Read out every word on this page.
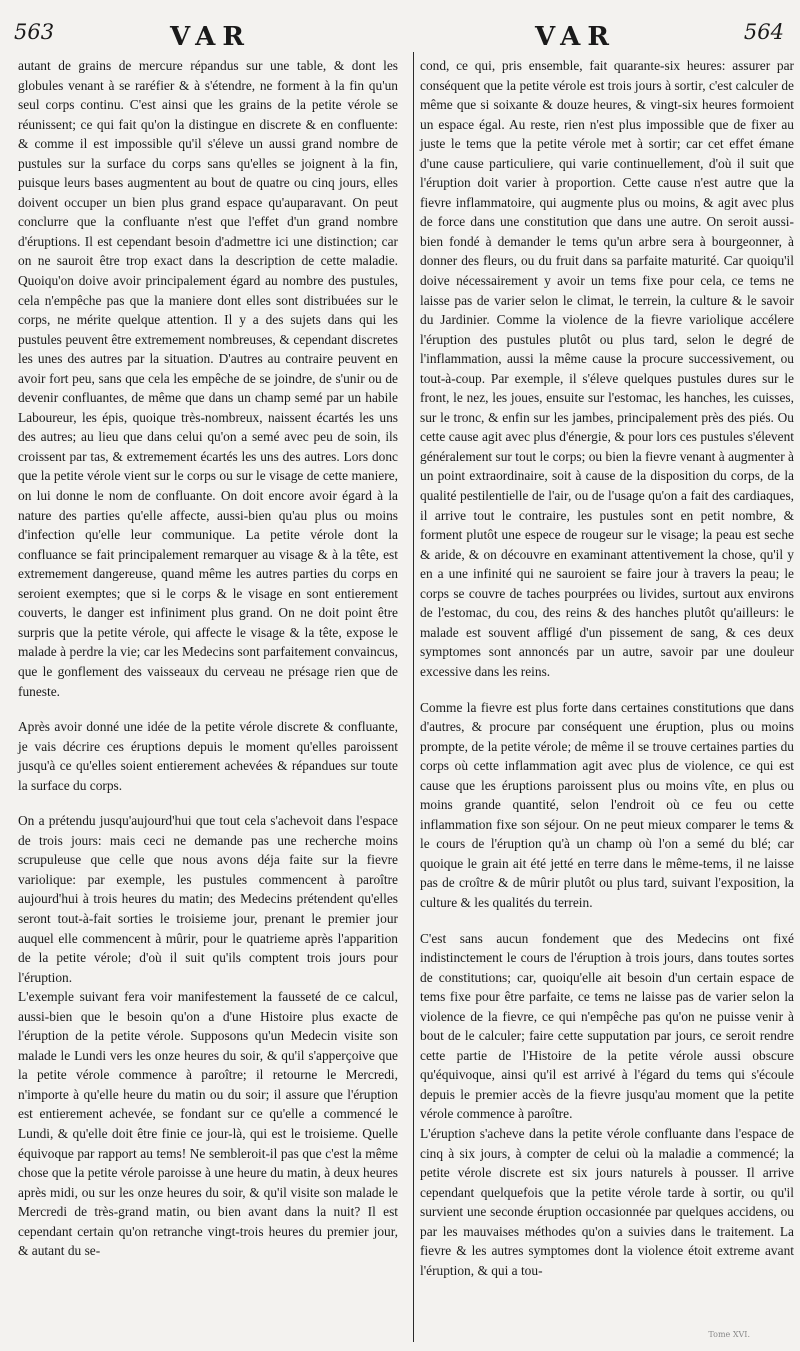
563	VAR	VAR	564

autant de grains de mercure répandus sur une table, & dont les globules venant à se raréfier & à s'étendre, ne forment à la fin qu'un seul corps continu. C'est ainsi que les grains de la petite vérole se réunissent; ce qui fait qu'on la distingue en discrete & en confluente: & comme il est impossible qu'il s'éleve un aussi grand nombre de pustules sur la surface du corps sans qu'elles se joignent à la fin, puisque leurs bases augmentent au bout de quatre ou cinq jours, elles doivent occuper un bien plus grand espace qu'auparavant. On peut conclurre que la confluante n'est que l'effet d'un grand nombre d'éruptions. Il est cependant besoin d'admettre ici une distinction; car on ne sauroit être trop exact dans la description de cette maladie. Quoiqu'on doive avoir principalement égard au nombre des pustules, cela n'empêche pas que la maniere dont elles sont distribuées sur le corps, ne mérite quelque attention. Il y a des sujets dans qui les pustules peuvent être extremement nombreuses, & cependant discretes les unes des autres par la situation. D'autres au contraire peuvent en avoir fort peu, sans que cela les empêche de se joindre, de s'unir ou de devenir confluantes, de même que dans un champ semé par un habile Laboureur, les épis, quoique très-nombreux, naissent écartés les uns des autres; au lieu que dans celui qu'on a semé avec peu de soin, ils croissent par tas, & extremement écartés les uns des autres. Lors donc que la petite vérole vient sur le corps ou sur le visage de cette maniere, on lui donne le nom de confluante. On doit encore avoir égard à la nature des parties qu'elle affecte, aussi-bien qu'au plus ou moins d'infection qu'elle leur communique. La petite vérole dont la confluance se fait principalement remarquer au visage & à la tête, est extremement dangereuse, quand même les autres parties du corps en seroient exemptes; que si le corps & le visage en sont entierement couverts, le danger est infiniment plus grand. On ne doit point être surpris que la petite vérole, qui affecte le visage & la tête, expose le malade à perdre la vie; car les Medecins sont parfaitement convaincus, que le gonflement des vaisseaux du cerveau ne présage rien que de funeste.

Après avoir donné une idée de la petite vérole discrete & confluante, je vais décrire ces éruptions depuis le moment qu'elles paroissent jusqu'à ce qu'elles soient entierement achevées & répandues sur toute la surface du corps.

On a prétendu jusqu'aujourd'hui que tout cela s'achevoit dans l'espace de trois jours: mais ceci ne demande pas une recherche moins scrupuleuse que celle que nous avons déja faite sur la fievre variolique: par exemple, les pustules commencent à paroître aujourd'hui à trois heures du matin; des Medecins prétendent qu'elles seront tout-à-fait sorties le troisieme jour, prenant le premier jour auquel elle commencent à mûrir, pour le quatrieme après l'apparition de la petite vérole; d'où il suit qu'ils comptent trois jours pour l'éruption.

L'exemple suivant fera voir manifestement la fausseté de ce calcul, aussi-bien que le besoin qu'on a d'une Histoire plus exacte de l'éruption de la petite vérole. Supposons qu'un Medecin visite son malade le Lundi vers les onze heures du soir, & qu'il s'apperçoive que la petite vérole commence à paroître; il retourne le Mercredi, n'importe à qu'elle heure du matin ou du soir; il assure que l'éruption est entierement achevée, se fondant sur ce qu'elle a commencé le Lundi, & qu'elle doit être finie ce jour-là, qui est le troisieme. Quelle équivoque par rapport au tems! Ne sembleroit-il pas que c'est la même chose que la petite vérole paroisse à une heure du matin, à deux heures après midi, ou sur les onze heures du soir, & qu'il visite son malade le Mercredi de très-grand matin, ou bien avant dans la nuit? Il est cependant certain qu'on retranche vingt-trois heures du premier jour, & autant du se-

cond, ce qui, pris ensemble, fait quarante-six heures: assurer par conséquent que la petite vérole est trois jours à sortir, c'est calculer de même que si soixante & douze heures, & vingt-six heures formoient un espace égal. Au reste, rien n'est plus impossible que de fixer au juste le tems que la petite vérole met à sortir; car cet effet émane d'une cause particuliere, qui varie continuellement, d'où il suit que l'éruption doit varier à proportion. Cette cause n'est autre que la fievre inflammatoire, qui augmente plus ou moins, & agit avec plus de force dans une constitution que dans une autre. On seroit aussi-bien fondé à demander le tems qu'un arbre sera à bourgeonner, à donner des fleurs, ou du fruit dans sa parfaite maturité. Car quoiqu'il doive nécessairement y avoir un tems fixe pour cela, ce tems ne laisse pas de varier selon le climat, le terrein, la culture & le savoir du Jardinier. Comme la violence de la fievre variolique accélere l'éruption des pustules plutôt ou plus tard, selon le degré de l'inflammation, aussi la même cause la procure successivement, ou tout-à-coup. Par exemple, il s'éleve quelques pustules dures sur le front, le nez, les joues, ensuite sur l'estomac, les hanches, les cuisses, sur le tronc, & enfin sur les jambes, principalement près des piés. Ou cette cause agit avec plus d'énergie, & pour lors ces pustules s'élevent généralement sur tout le corps; ou bien la fievre venant à augmenter à un point extraordinaire, soit à cause de la disposition du corps, de la qualité pestilentielle de l'air, ou de l'usage qu'on a fait des cardiaques, il arrive tout le contraire, les pustules sont en petit nombre, & forment plutôt une espece de rougeur sur le visage; la peau est seche & aride, & on découvre en examinant attentivement la chose, qu'il y en a une infinité qui ne sauroient se faire jour à travers la peau; le corps se couvre de taches pourprées ou livides, surtout aux environs de l'estomac, du cou, des reins & des hanches plutôt qu'ailleurs: le malade est souvent affligé d'un pissement de sang, & ces deux symptomes sont annoncés par un autre, savoir par une douleur excessive dans les reins.

Comme la fievre est plus forte dans certaines constitutions que dans d'autres, & procure par conséquent une éruption, plus ou moins prompte, de la petite vérole; de même il se trouve certaines parties du corps où cette inflammation agit avec plus de violence, ce qui est cause que les éruptions paroissent plus ou moins vîte, en plus ou moins grande quantité, selon l'endroit où ce feu ou cette inflammation fixe son séjour. On ne peut mieux comparer le tems & le cours de l'éruption qu'à un champ où l'on a semé du blé; car quoique le grain ait été jetté en terre dans le même-tems, il ne laisse pas de croître & de mûrir plutôt ou plus tard, suivant l'exposition, la culture & les qualités du terrein.

C'est sans aucun fondement que des Medecins ont fixé indistinctement le cours de l'éruption à trois jours, dans toutes sortes de constitutions; car, quoiqu'elle ait besoin d'un certain espace de tems fixe pour être parfaite, ce tems ne laisse pas de varier selon la violence de la fievre, ce qui n'empêche pas qu'on ne puisse venir à bout de le calculer; faire cette supputation par jours, ce seroit rendre cette partie de l'Histoire de la petite vérole aussi obscure qu'équivoque, ainsi qu'il est arrivé à l'égard du tems qui s'écoule depuis le premier accès de la fievre jusqu'au moment que la petite vérole commence à paroître.

L'éruption s'acheve dans la petite vérole confluante dans l'espace de cinq à six jours, à compter de celui où la maladie a commencé; la petite vérole discrete est six jours naturels à pousser. Il arrive cependant quelquefois que la petite vérole tarde à sortir, ou qu'il survient une seconde éruption occasionnée par quelques accidens, ou par les mauvaises méthodes qu'on a suivies dans le traitement. La fievre & les autres symptomes dont la violence étoit extreme avant l'éruption, & qui a tou-

Tome XVI.
